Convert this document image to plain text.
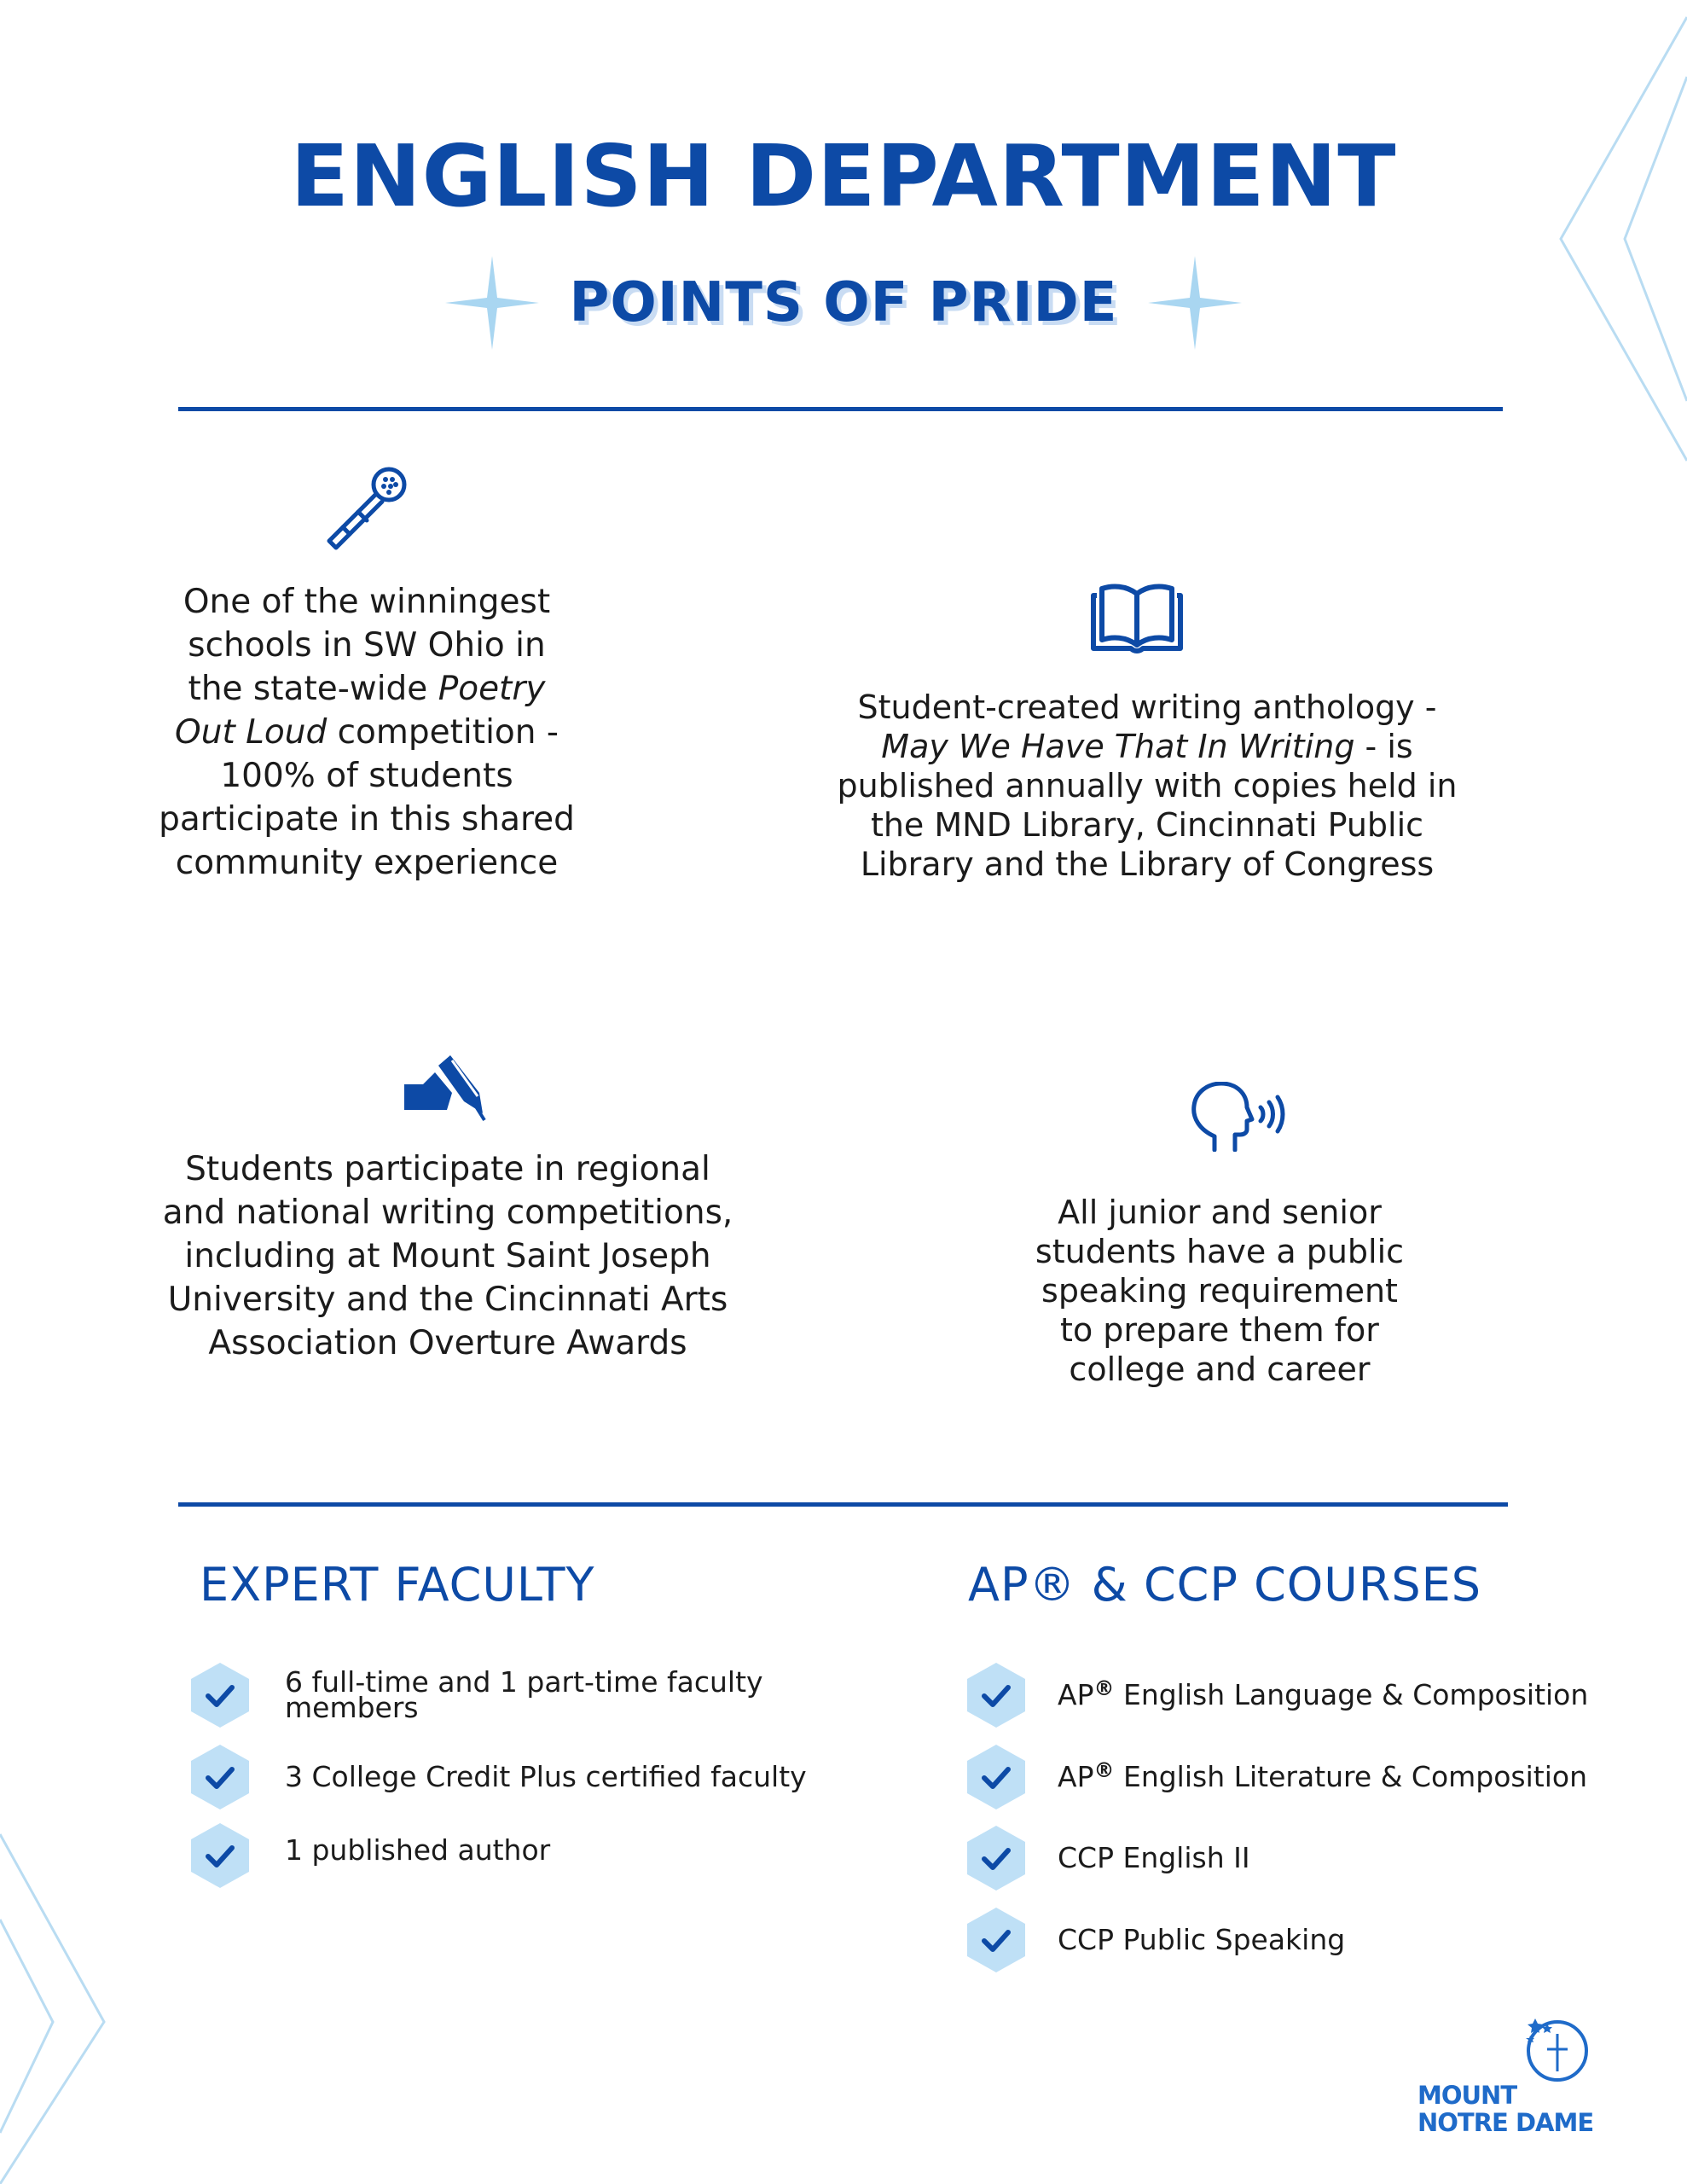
ENGLISH DEPARTMENT
POINTS OF PRIDE
One of the winningest
schools in SW Ohio in
the state-wide Poetry
Out Loud competition -
100% of students
participate in this shared
community experience
Student-created writing anthology -
May We Have That In Writing - is
published annually with copies held in
the MND Library, Cincinnati Public
Library and the Library of Congress
Students participate in regional
and national writing competitions,
including at Mount Saint Joseph
University and the Cincinnati Arts
Association Overture Awards
All junior and senior
students have a public
speaking requirement
to prepare them for
college and career
EXPERT FACULTY
6 full-time and 1 part-time faculty
members
3 College Credit Plus certified faculty
1 published author
AP® & CCP COURSES
AP® English Language & Composition
AP® English Literature & Composition
CCP English II
CCP Public Speaking
MOUNT
NOTRE DAME
